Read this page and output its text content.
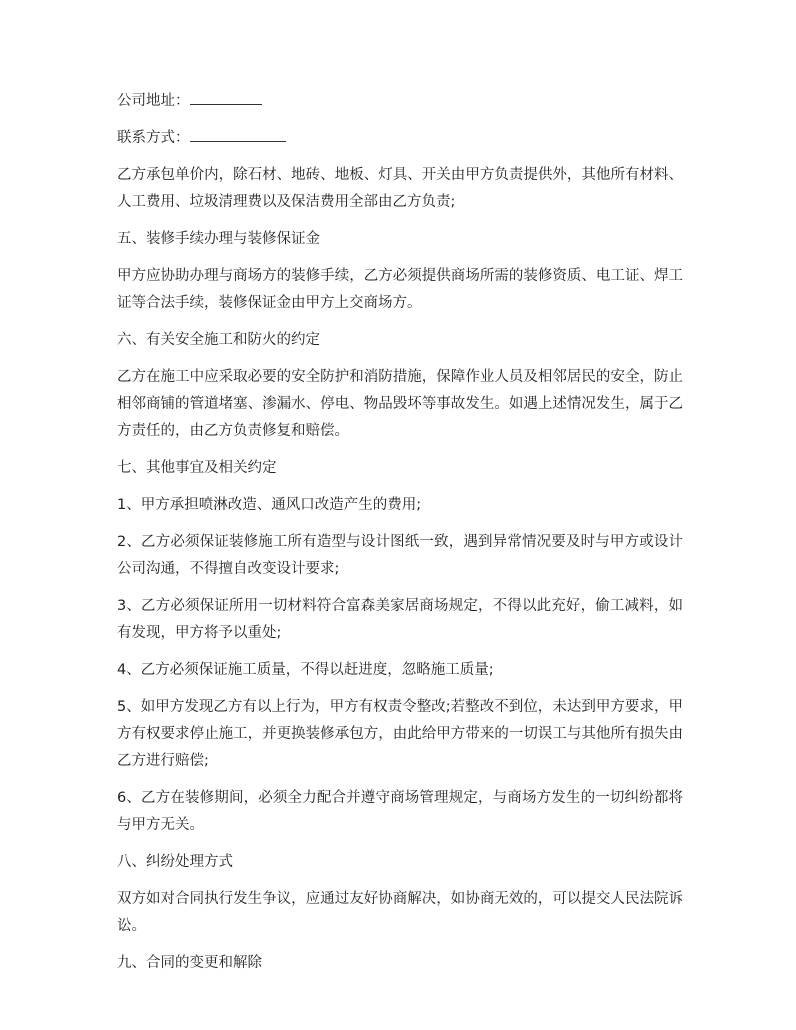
公司地址：

联系方式：

乙方承包单价内，除石材、地砖、地板、灯具、开关由甲方负责提供外，其他所有材料、人工费用、垃圾清理费以及保洁费用全部由乙方负责;

五、装修手续办理与装修保证金

甲方应协助办理与商场方的装修手续，乙方必须提供商场所需的装修资质、电工证、焊工证等合法手续，装修保证金由甲方上交商场方。

六、有关安全施工和防火的约定

乙方在施工中应采取必要的安全防护和消防措施，保障作业人员及相邻居民的安全，防止相邻商铺的管道堵塞、渗漏水、停电、物品毁坏等事故发生。如遇上述情况发生，属于乙方责任的，由乙方负责修复和赔偿。

七、其他事宜及相关约定

1、甲方承担喷淋改造、通风口改造产生的费用;

2、乙方必须保证装修施工所有造型与设计图纸一致，遇到异常情况要及时与甲方或设计公司沟通，不得擅自改变设计要求;

3、乙方必须保证所用一切材料符合富森美家居商场规定，不得以此充好，偷工减料，如有发现，甲方将予以重处;

4、乙方必须保证施工质量，不得以赶进度，忽略施工质量;

5、如甲方发现乙方有以上行为，甲方有权责令整改;若整改不到位，未达到甲方要求，甲方有权要求停止施工，并更换装修承包方，由此给甲方带来的一切误工与其他所有损失由乙方进行赔偿;

6、乙方在装修期间，必须全力配合并遵守商场管理规定，与商场方发生的一切纠纷都将与甲方无关。

八、纠纷处理方式

双方如对合同执行发生争议，应通过友好协商解决，如协商无效的，可以提交人民法院诉讼。

九、合同的变更和解除
